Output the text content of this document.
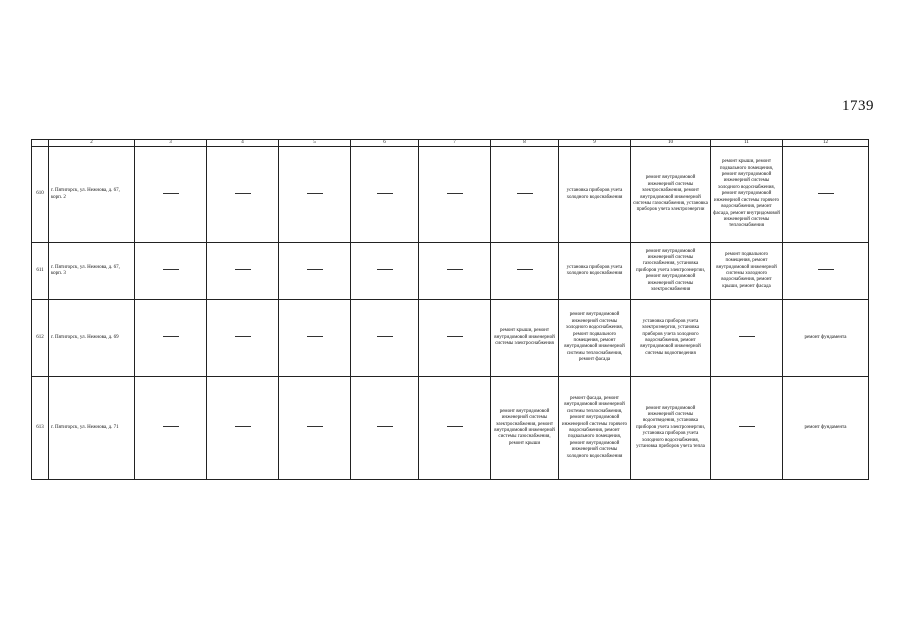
1739
	2	3	4	5	6	7	8	9	10	11	12
610	г. Пятигорск, ул. Нежнова, д. 67, корп. 2							установка приборов учета холодного водоснабжения	ремонт внутридомовой инженерной системы электроснабжения, ремонт внутридомовой инженерной системы газоснабжения, установка приборов учета электроэнергии	ремонт крыши, ремонт подвального помещения, ремонт внутридомовой инженерной системы холодного водоснабжения, ремонт внутридомовой инженерной системы горячего водоснабжения, ремонт фасада, ремонт внутридомовой инженерной системы теплоснабжения	
611	г. Пятигорск, ул. Нежнова, д. 67, корп. 3							установка приборов учета холодного водоснабжения	ремонт внутридомовой инженерной системы газоснабжения, установка приборов учета электроэнергии, ремонт внутридомовой инженерной системы электроснабжения	ремонт подвального помещения, ремонт внутридомовой инженерной системы холодного водоснабжения, ремонт крыши, ремонт фасада	
612	г. Пятигорск, ул. Нежнова, д. 69						ремонт крыши, ремонт внутридомовой инженерной системы электроснабжения	ремонт внутридомовой инженерной системы холодного водоснабжения, ремонт подвального помещения, ремонт внутридомовой инженерной системы теплоснабжения, ремонт фасада	установка приборов учета электроэнергии, установка приборов учета холодного водоснабжения, ремонт внутридомовой инженерной системы водоотведения		ремонт фундамента
613	г. Пятигорск, ул. Нежнова, д. 71						ремонт внутридомовой инженерной системы электроснабжения, ремонт внутридомовой инженерной системы газоснабжения, ремонт крыши	ремонт фасада, ремонт внутридомовой инженерной системы теплоснабжения, ремонт внутридомовой инженерной системы горячего водоснабжения, ремонт подвального помещения, ремонт внутридомовой инженерной системы холодного водоснабжения	ремонт внутридомовой инженерной системы водоотведения, установка приборов учета электроэнергии, установка приборов учета холодного водоснабжения, установка приборов учета тепла		ремонт фундамента
